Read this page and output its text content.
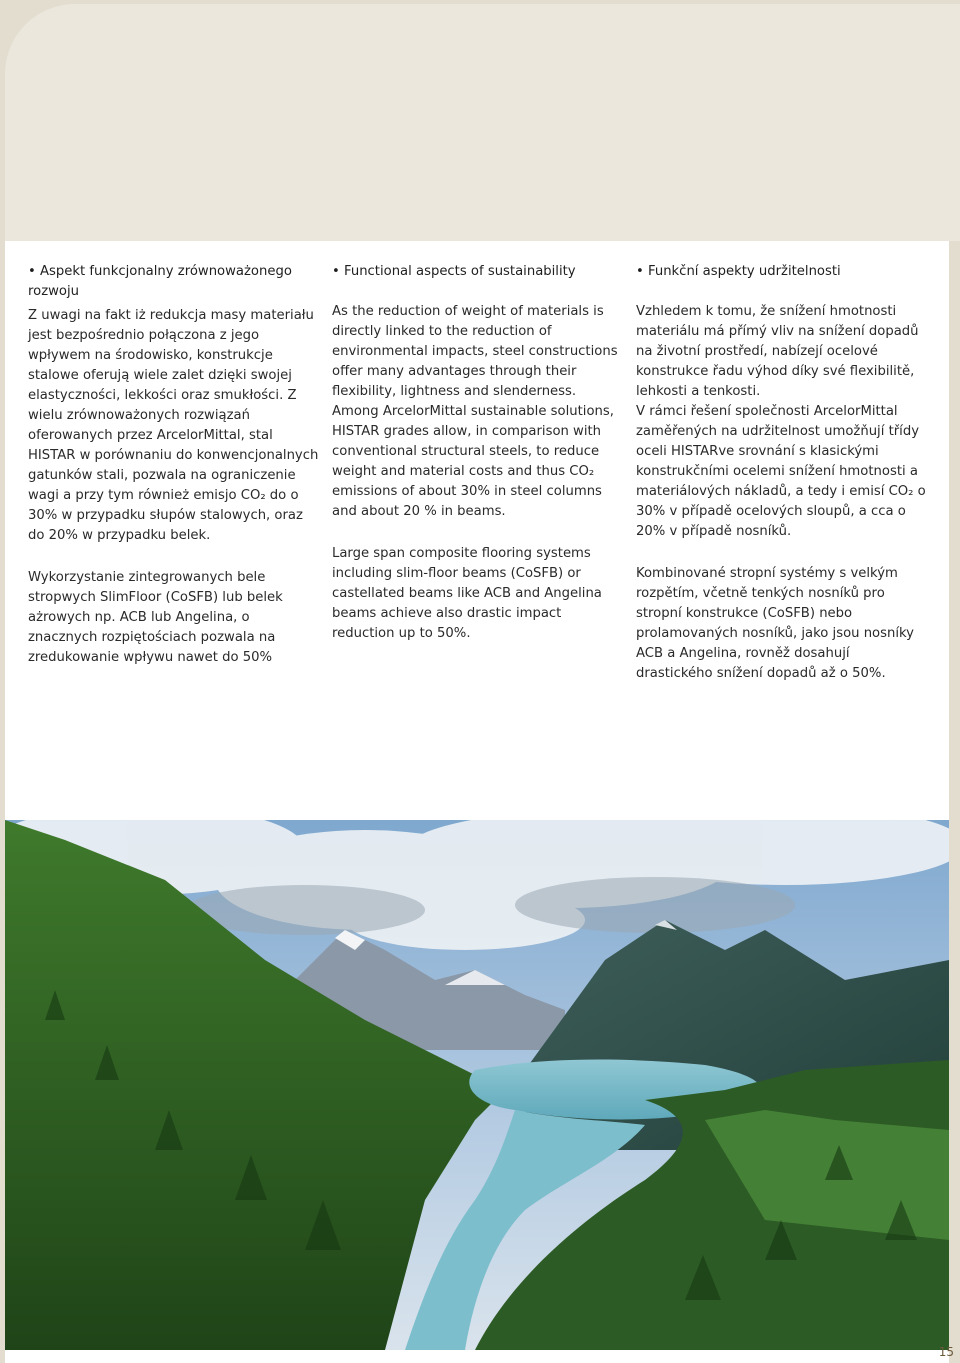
• Aspekt funkcjonalny zrównoważonego rozwoju

Z uwagi na fakt iż redukcja masy materiału jest bezpośrednio połączona z jego wpływem na środowisko, konstrukcje stalowe oferują wiele zalet dzięki swojej elastyczności, lekkości oraz smukłości. Z wielu zrównoważonych rozwiązań oferowanych przez ArcelorMittal, stal HISTAR w porównaniu do konwencjonalnych gatunków stali, pozwala na ograniczenie wagi a przy tym również emisjo CO₂ do o 30% w przypadku słupów stalowych, oraz do 20% w przypadku belek.

Wykorzystanie zintegrowanych bele stropwych SlimFloor (CoSFB) lub belek ażrowych np. ACB lub Angelina, o znacznych rozpiętościach pozwala na zredukowanie wpływu nawet do 50%

• Functional aspects of sustainability

As the reduction of weight of materials is directly linked to the reduction of environmental impacts, steel constructions offer many advantages through their flexibility, lightness and slenderness.
Among ArcelorMittal sustainable solutions, HISTAR grades allow, in comparison with conventional structural steels, to reduce weight and material costs and thus CO₂ emissions of about 30% in steel columns and about 20 % in beams.

Large span composite flooring systems including slim-floor beams (CoSFB) or castellated beams like ACB and Angelina beams achieve also drastic impact reduction up to 50%.

• Funkční aspekty udržitelnosti

Vzhledem k tomu, že snížení hmotnosti materiálu má přímý vliv na snížení dopadů na životní prostředí, nabízejí ocelové konstrukce řadu výhod díky své flexibilitě, lehkosti a tenkosti.
V rámci řešení společnosti ArcelorMittal zaměřených na udržitelnost umožňují třídy oceli HISTARve srovnání s klasickými konstrukčními ocelemi snížení hmotnosti a materiálových nákladů, a tedy i emisí CO₂ o 30% v případě ocelových sloupů, a cca o 20% v případě nosníků.

Kombinované stropní systémy s velkým rozpětím, včetně tenkých nosníků pro stropní konstrukce (CoSFB) nebo prolamovaných nosníků, jako jsou nosníky ACB a Angelina, rovněž dosahují drastického snížení dopadů až o 50%.

15
